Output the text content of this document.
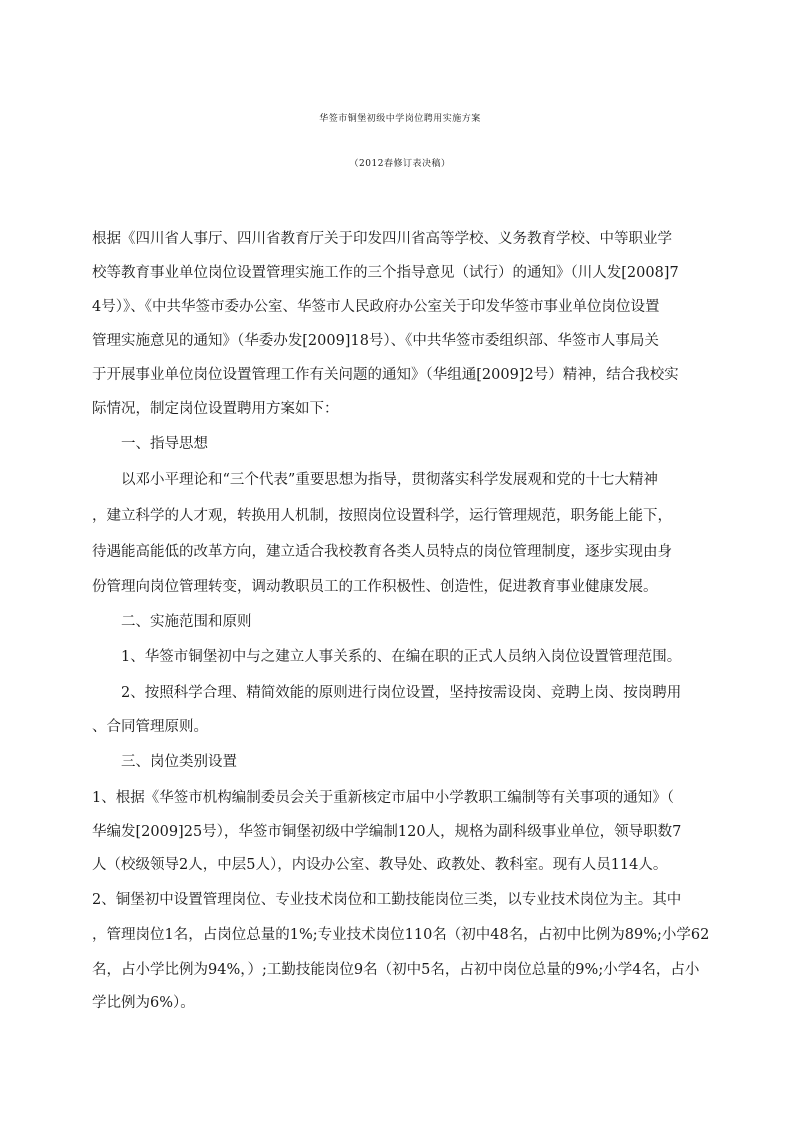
华签市铜堡初级中学岗位聘用实施方案
（2012春修订表决稿）
根据《四川省人事厅、四川省教育厅关于印发四川省高等学校、义务教育学校、中等职业学
校等教育事业单位岗位设置管理实施工作的三个指导意见（试行）的通知》（川人发[2008]7
4号）》、《中共华签市委办公室、华签市人民政府办公室关于印发华签市事业单位岗位设置
管理实施意见的通知》（华委办发[2009]18号）、《中共华签市委组织部、华签市人事局关
于开展事业单位岗位设置管理工作有关问题的通知》（华组通[2009]2号）精神，结合我校实
际情况，制定岗位设置聘用方案如下：
一、指导思想
以邓小平理论和“三个代表”重要思想为指导，贯彻落实科学发展观和党的十七大精神
，建立科学的人才观，转换用人机制，按照岗位设置科学，运行管理规范，职务能上能下，
待遇能高能低的改革方向，建立适合我校教育各类人员特点的岗位管理制度，逐步实现由身
份管理向岗位管理转变，调动教职员工的工作积极性、创造性，促进教育事业健康发展。
二、实施范围和原则
1、华签市铜堡初中与之建立人事关系的、在编在职的正式人员纳入岗位设置管理范围。
2、按照科学合理、精简效能的原则进行岗位设置，坚持按需设岗、竞聘上岗、按岗聘用
、合同管理原则。
三、岗位类别设置
1、根据《华签市机构编制委员会关于重新核定市届中小学教职工编制等有关事项的通知》（
华编发[2009]25号），华签市铜堡初级中学编制120人，规格为副科级事业单位，领导职数7
人（校级领导2人，中层5人），内设办公室、教导处、政教处、教科室。现有人员114人。
2、铜堡初中设置管理岗位、专业技术岗位和工勤技能岗位三类，以专业技术岗位为主。其中
，管理岗位1名，占岗位总量的1%;专业技术岗位110名（初中48名，占初中比例为89%;小学62
名，占小学比例为94%，）;工勤技能岗位9名（初中5名，占初中岗位总量的9%;小学4名，占小
学比例为6%）。
